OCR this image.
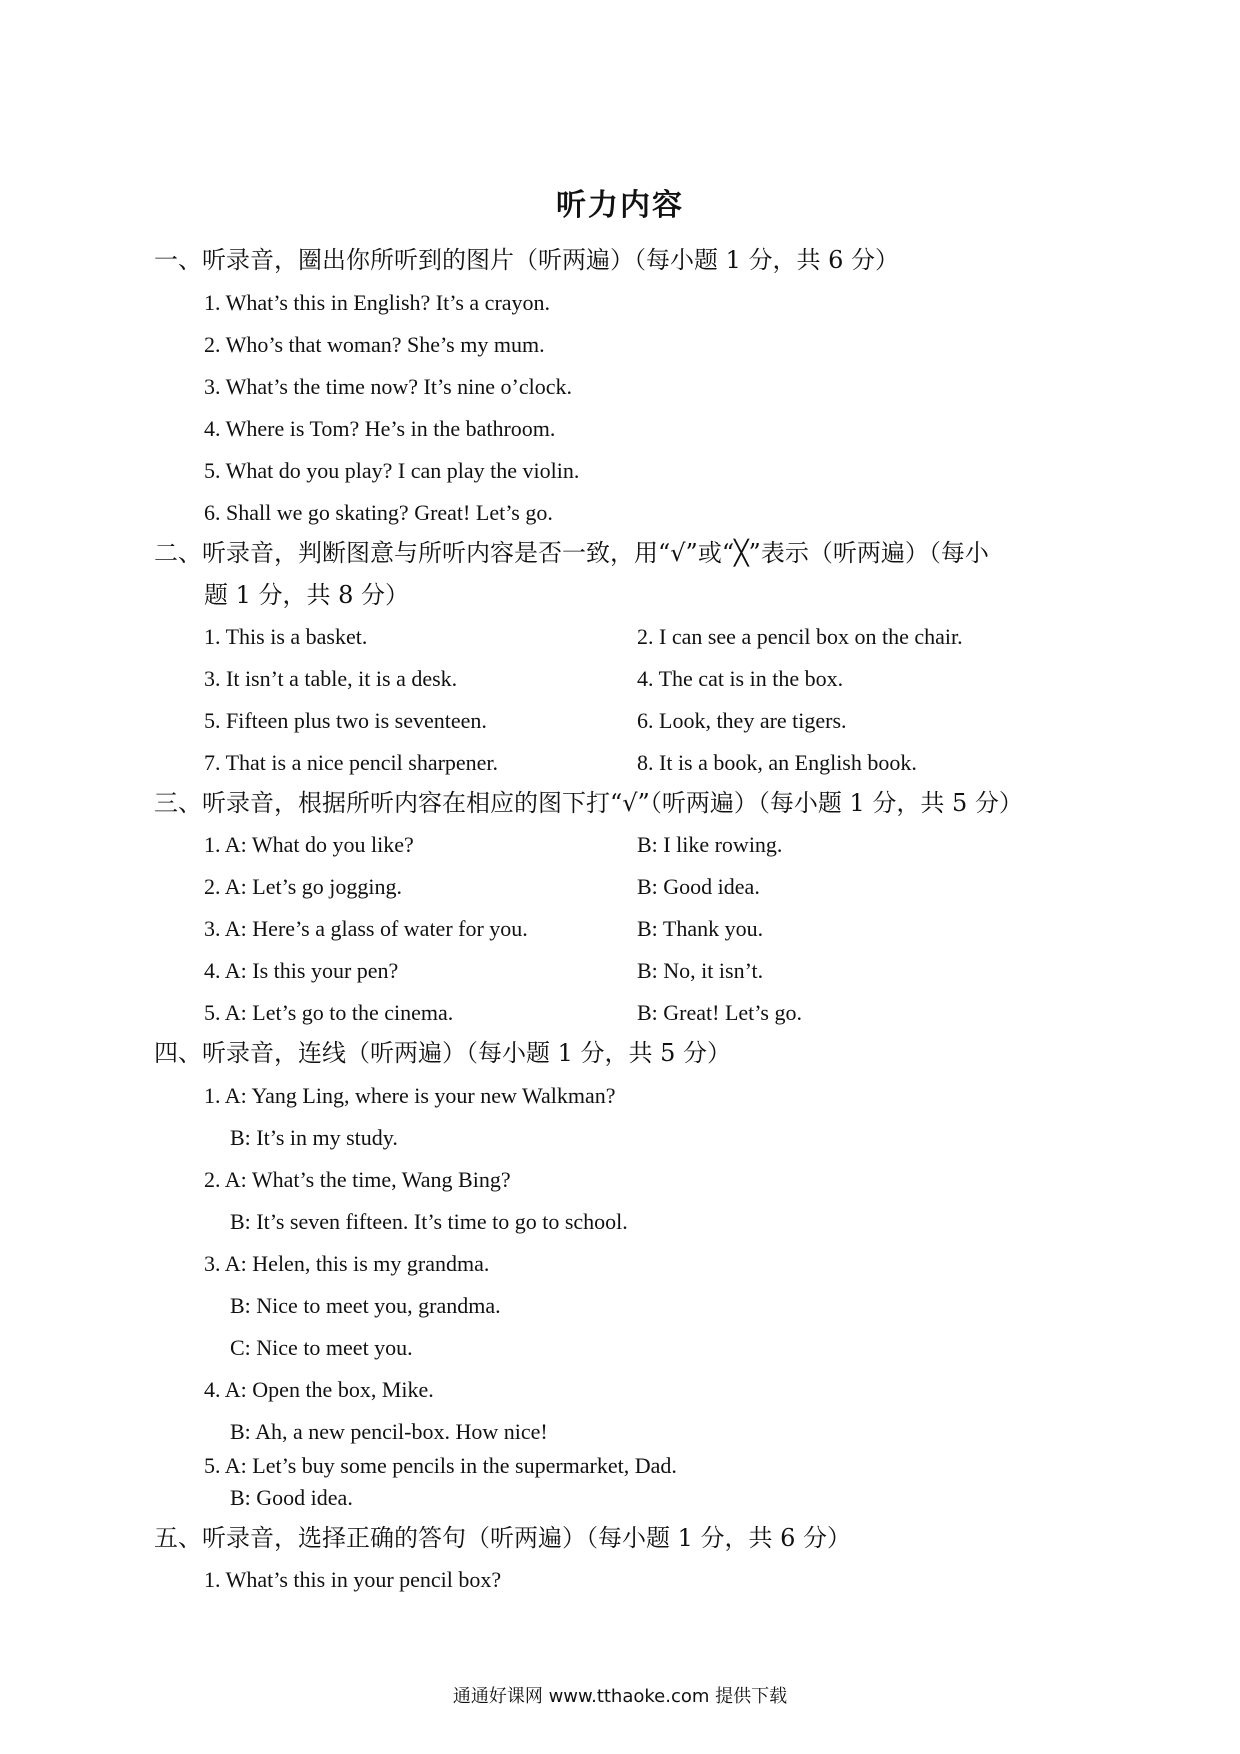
听力内容
一、听录音，圈出你所听到的图片（听两遍）（每小题 1 分，共 6 分）
1. What’s this in English? It’s a crayon.
2. Who’s that woman? She’s my mum.
3. What’s the time now? It’s nine o’clock.
4. Where is Tom? He’s in the bathroom.
5. What do you play? I can play the violin.
6. Shall we go skating? Great! Let’s go.
二、听录音，判断图意与所听内容是否一致，用“√”或“╳”表示（听两遍）（每小
题 1 分，共 8 分）
1. This is a basket.	2. I can see a pencil box on the chair.
3. It isn’t a table, it is a desk.	4. The cat is in the box.
5. Fifteen plus two is seventeen.	6. Look, they are tigers.
7. That is a nice pencil sharpener.	8. It is a book, an English book.
三、听录音，根据所听内容在相应的图下打“√”（听两遍）（每小题 1 分，共 5 分）
1. A: What do you like?	B: I like rowing.
2. A: Let’s go jogging.	B: Good idea.
3. A: Here’s a glass of water for you.	B: Thank you.
4. A: Is this your pen?	B: No, it isn’t.
5. A: Let’s go to the cinema.	B: Great! Let’s go.
四、听录音，连线（听两遍）（每小题 1 分，共 5 分）
1. A: Yang Ling, where is your new Walkman?
B: It’s in my study.
2. A: What’s the time, Wang Bing?
B: It’s seven fifteen. It’s time to go to school.
3. A: Helen, this is my grandma.
B: Nice to meet you, grandma.
C: Nice to meet you.
4. A: Open the box, Mike.
B: Ah, a new pencil-box. How nice!
5. A: Let’s buy some pencils in the supermarket, Dad.
B: Good idea.
五、听录音，选择正确的答句（听两遍）（每小题 1 分，共 6 分）
1. What’s this in your pencil box?
通通好课网 www.tthaoke.com 提供下载
